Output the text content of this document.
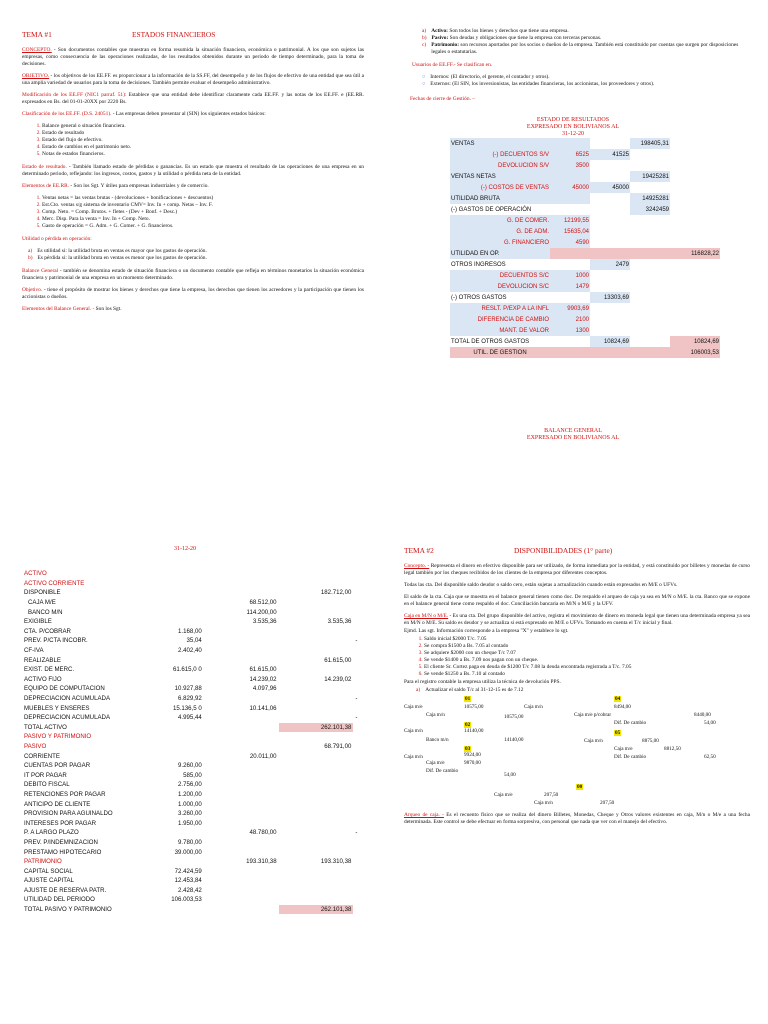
TEMA #1	ESTADOS FINANCIEROS

CONCEPTO. - Son documentos contables que muestran en forma resumida la situación financiera, económica o patrimonial. A los que son sujetos las empresas, como consecuencia de las operaciones realizadas, de los resultados obtenidos durante un periodo de tiempo determinado, para la toma de decisiones.

OBJETIVO. - los objetivos de los EE.FF. es proporcionar a la información de la SS.FF, del desempeño y de los flujos de efectivo de una entidad que sea útil a una amplia variedad de usuarios para la toma de decisiones. También permite evaluar el desempeño administrativo.

Modificación de los EE.FF (NIC1 parraf. 51): Establece que una entidad debe identificar claramente cada EE.FF. y las notas de los EE.FF. e (EE.RR. expresados en Bs. del 01-01-20XX por 2220 Bs.

Clasificación de los EE.FF. (D.S. 24051). - Las empresas deben presentar al (SIN) los siguientes estados básicos:

1. Balance general o situación financiera.
2. Estado de resultado
3. Estado del flujo de efectivo.
4. Estado de cambios en el patrimonio neto.
5. Notas de estados financieros.

Estado de resultado. - También llamado estado de pérdidas o ganancias. Es un estado que muestra el resultado de las operaciones de una empresa en un determinado periodo, reflejando: los ingresos, costos, gastos y la utilidad o pérdida neta de la entidad.

Elementos de EE.RR. - Son los Sgt. Y útiles para empresas industriales y de comercio.

1. Ventas netas = las ventas brutas - (devoluciones + bonificaciones + descuentos)
2. Est.Cto. ventas s/g sistema de inventario CMV= Inv. In + comp. Netas – Inv. F.
3. Comp. Neto. = Comp. Brutos. + fletes - (Dev + Bonf. + Desc.)
4. Merc. Disp. Para la venta = Inv. In + Comp. Neto.
5. Gasto de operación = G. Adm. + G. Comer. + G. financieros.

Utilidad o pérdida en operación:

a) Es utilidad si: la utilidad bruta en ventas es mayor que los gastos de operación.
b) Es pérdida si: la utilidad bruta en ventas es menor que los gastos de operación.

Balance General - también se denomina estado de situación financiera o un documento contable que refleja en términos monetarios la situación económica financiera y patrimonial de una empresa en un momento determinado.

Objetivo. - tiene el propósito de mostrar los bienes y derechos que tiene la empresa, los derechos que tienen los acreedores y la participación que tienen los accionistas o dueños.

Elementos del Balance General. - Son los Sgt.

a) Activo: Son todos los bienes y derechos que tiene una empresa.
b) Pasivo: Son deudas y obligaciones que tiene la empresa con terceras personas.
c) Patrimonio: son recursos aportados por los socios o dueños de la empresa. También está constituido por cuentas que surgen por disposiciones legales o estatutarias.

Usuarios de EE.FF.- Se clasifican en.

○ Internos: (El directorio, el gerente, el contador y otros).
○ Externos: (El SIN, los inversionistas, las entidades financieras, los accionistas, los proveedores y otros).

Fechas de cierre de Gestión. –

ESTADO DE RESULTADOS
EXPRESADO EN BOLIVIANOS AL
31-12-20
VENTAS			198405,31	
(-) DECUENTOS S/V	6525	41525		
DEVOLUCION S/V	3500			
VENTAS NETAS			19425281	
(-) COSTOS DE VENTAS	45000	45000		
UTILIDAD BRUTA			14925281	
(-) GASTOS DE OPERACIÓN			3242459	
G. DE COMER.	12199,55			
G. DE ADM.	15635,04			
G. FINANCIERO	4590			
UTILIDAD EN OP.				116828,22
OTROS INGRESOS		2479		
DECUENTOS S/C	1000			
DEVOLUCION S/C	1479			
(-) OTROS GASTOS		13303,69		
RESLT. P/EXP A LA INFL	9903,69			
DIFERENCIA DE CAMBIO	2100			
MANT. DE VALOR	1300			
TOTAL DE OTROS GASTOS		10824,69		10824,69
UTIL. DE GESTION				106003,53
BALANCE GENERAL
EXPRESADO EN BOLIVIANOS AL
31-12-20
ACTIVO				
ACTIVO CORRIENTE				
DISPONIBLE			182.712,00	
CAJA M/E		68.512,00		
BANCO M/N		114.200,00		
EXIGIBLE		3.535,36	3.535,36	
CTA. P/COBRAR	1.168,00			
PREV. P/CTA INCOBR.	35,04			-
CF-IVA	2.402,40			
REALIZABLE			61.615,00	
EXIST. DE MERC.	61.615,0 0	61.615,00		
ACTIVO FIJO		14.239,02	14.239,02	
EQUIPO DE COMPUTACION	10.927,88	4.097,96		
DEPRECIACION ACUMULADA	6.829,92			-
MUEBLES Y ENSERES	15.136,5 0	10.141,06		
DEPRECIACION ACUMULADA	4.995,44			-
TOTAL ACTIVO			262.101,38	
PASIVO Y PATRIMONIO				
PASIVO			68.791,00	
CORRIENTE		20.011,00		
CUENTAS POR PAGAR	9.260,00			
IT POR PAGAR	585,00			
DEBITO FISCAL	2.756,00			
RETENCIONES POR PAGAR	1.200,00			
ANTICIPO DE CLIENTE	1.000,00			
PROVISION PARA AGUINALDO	3.260,00			
INTERESES POR PAGAR	1.950,00			
P. A LARGO PLAZO		48.780,00		-
PREV. P/INDEMNIZACION	9.780,00			
PRESTAMO HIPOTECARIO	39.000,00			
PATRIMONIO		193.310,38	193.310,38	
CAPITAL SOCIAL	72.424,59			
AJUSTE CAPITAL	12.453,84			
AJUSTE DE RESERVA PATR.	2.428,42			
UTILIDAD DEL PERIODO	106.003,53			
TOTAL PASIVO Y PATRIMONIO			262.101,38	
TEMA #2	DISPONIBILIDADES (1° parte)

Concepto. - Representa el dinero en efectivo disponible para ser utilizado, de forma inmediata por la entidad, y está constituido por billetes y monedas de curso legal también por los cheques recibidos de los clientes de la empresa por diferentes conceptos.

Todas las cta. Del disponible saldo deudor o saldo cero, están sujetas a actualización cuando están expresados en M/E o UFVs.

El saldo de la cta. Caja que se muestra en el balance general tienen como doc. De respaldo el arqueo de caja ya sea en M/N o M/E. la cta. Banco que se expone en el balance general tiene como respaldo el doc. Conciliación bancaria en M/N o M/E y la UFV.

Caja en M/N o M/E. - Es una cta. Del grupo disponible del activo, registra el movimiento de dinero en moneda legal que tienen una determinada empresa ya sea en M/N o M/E. Su saldo es deudor y se actualiza si está expresado en M/E o UFVs. Tomando en cuenta el T/c inicial y final.

Ejmd. Las sgt. Información corresponde a la empresa "X" y establece lo sgt.

1. Saldo inicial $2000 T/c. 7.05
2. Se compra $1500 a Bs. 7.05 al contado
3. Se adquiere $2000 con un cheque T/c 7.07
4. Se vende $1400 a Bs. 7.09 nos pagan con un cheque.
5. El cliente Sr. Cortez paga en deuda de $1200 T/c 7.08 la deuda encontrada registrada a T/c. 7.05
6. Se vende $1250 a Bs. 7.10 al contado

Para el registro contable la empresa utiliza la técnica de devolución PPS.

a) Actualizar el saldo T/c al 31-12-15 es de 7.12
01
Caja m/e	10575,00
Caja m/n	10575,00
02
Caja m/n	14140,00
Banco m/n	14140,00
03
Caja m/n	9924,00
Caja m/e	9870,00
Dif. De cambio
54,00
04
Caja m/n	8494,00
Caja m/e p/cobrar	8440,00
Dif. De cambio	54,00
05
Caja m/n	8875,00
Caja m/e	8812,50
Dif. De cambio	62,50
00
Caja m/e	207,50
Caja m/n	207,50

Arqueo de caja. - Es el recuento físico que se realiza del dinero Billetes, Monedas, Cheque y Otros valores existentes en caja, M/n o M/e a una fecha determinada. Este control se debe efectuar en forma sorpresiva, con personal que nada que ver con el manejo del efectivo.
